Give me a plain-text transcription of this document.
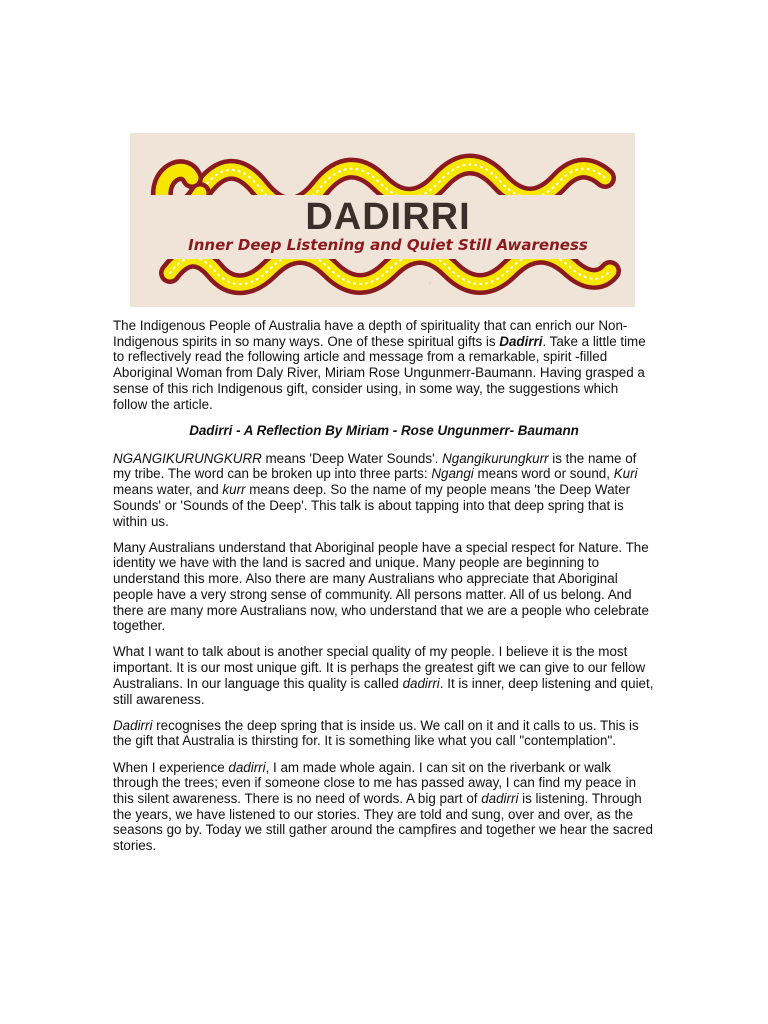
DADIRRI
Inner Deep Listening and Quiet Still Awareness

The Indigenous People of Australia have a depth of spirituality that can enrich our Non-Indigenous spirits in so many ways. One of these spiritual gifts is Dadirri. Take a little time to reflectively read the following article and message from a remarkable, spirit -filled Aboriginal Woman from Daly River, Miriam Rose Ungunmerr-Baumann. Having grasped a sense of this rich Indigenous gift, consider using, in some way, the suggestions which follow the article.

Dadirri - A Reflection By Miriam - Rose Ungunmerr- Baumann

NGANGIKURUNGKURR means 'Deep Water Sounds'. Ngangikurungkurr is the name of my tribe. The word can be broken up into three parts: Ngangi means word or sound, Kuri means water, and kurr means deep. So the name of my people means 'the Deep Water Sounds' or 'Sounds of the Deep'. This talk is about tapping into that deep spring that is within us.

Many Australians understand that Aboriginal people have a special respect for Nature. The identity we have with the land is sacred and unique. Many people are beginning to understand this more. Also there are many Australians who appreciate that Aboriginal people have a very strong sense of community. All persons matter. All of us belong. And there are many more Australians now, who understand that we are a people who celebrate together.

What I want to talk about is another special quality of my people. I believe it is the most important. It is our most unique gift. It is perhaps the greatest gift we can give to our fellow Australians. In our language this quality is called dadirri. It is inner, deep listening and quiet, still awareness.

Dadirri recognises the deep spring that is inside us. We call on it and it calls to us. This is the gift that Australia is thirsting for. It is something like what you call "contemplation".

When I experience dadirri, I am made whole again. I can sit on the riverbank or walk through the trees; even if someone close to me has passed away, I can find my peace in this silent awareness. There is no need of words. A big part of dadirri is listening. Through the years, we have listened to our stories. They are told and sung, over and over, as the seasons go by. Today we still gather around the campfires and together we hear the sacred stories.
